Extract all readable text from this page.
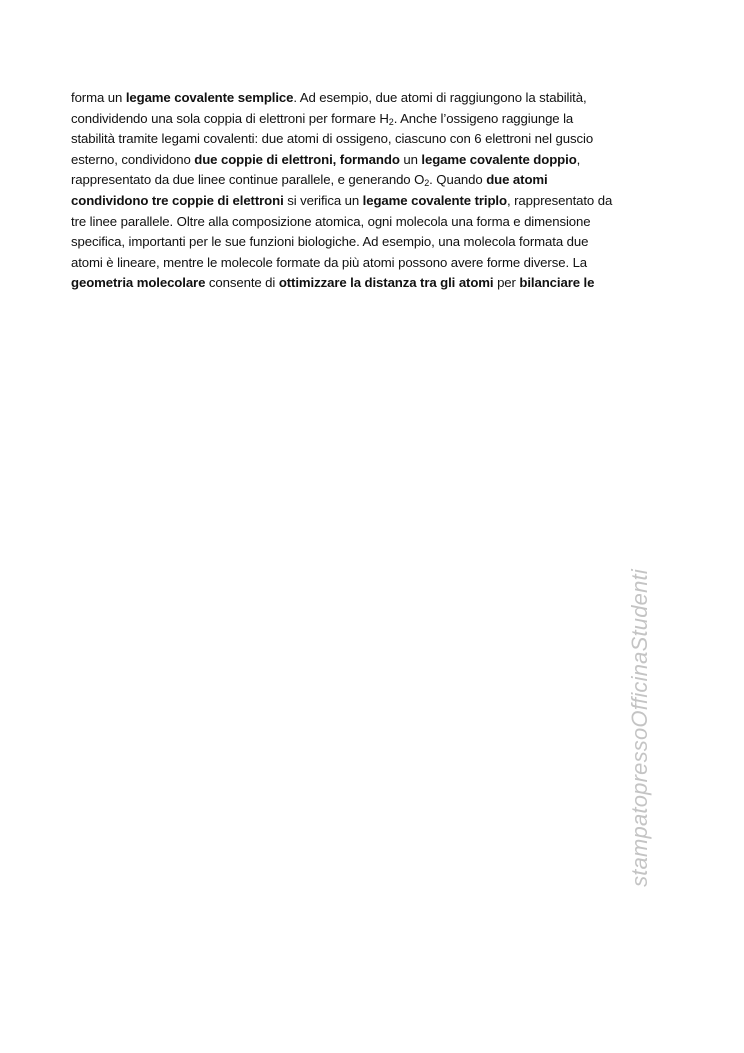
forma un legame covalente semplice. Ad esempio, due atomi di raggiungono la stabilità,
condividendo una sola coppia di elettroni per formare $H_2$. Anche l’ossigeno raggiunge la
stabilità tramite legami covalenti: due atomi di ossigeno, ciascuno con 6 elettroni nel guscio
esterno, condividono due coppie di elettroni, formando un legame covalente doppio,
rappresentato da due linee continue parallele, e generando $O_2$. Quando due atomi
condividono tre coppie di elettroni si verifica un legame covalente triplo, rappresentato da
tre linee parallele. Oltre alla composizione atomica, ogni molecola una forma e dimensione
specifica, importanti per le sue funzioni biologiche. Ad esempio, una molecola formata due
atomi è lineare, mentre le molecole formate da più atomi possono avere forme diverse. La
geometria molecolare consente di ottimizzare la distanza tra gli atomi per bilanciare le
stampatopressoOfficinaStudenti
